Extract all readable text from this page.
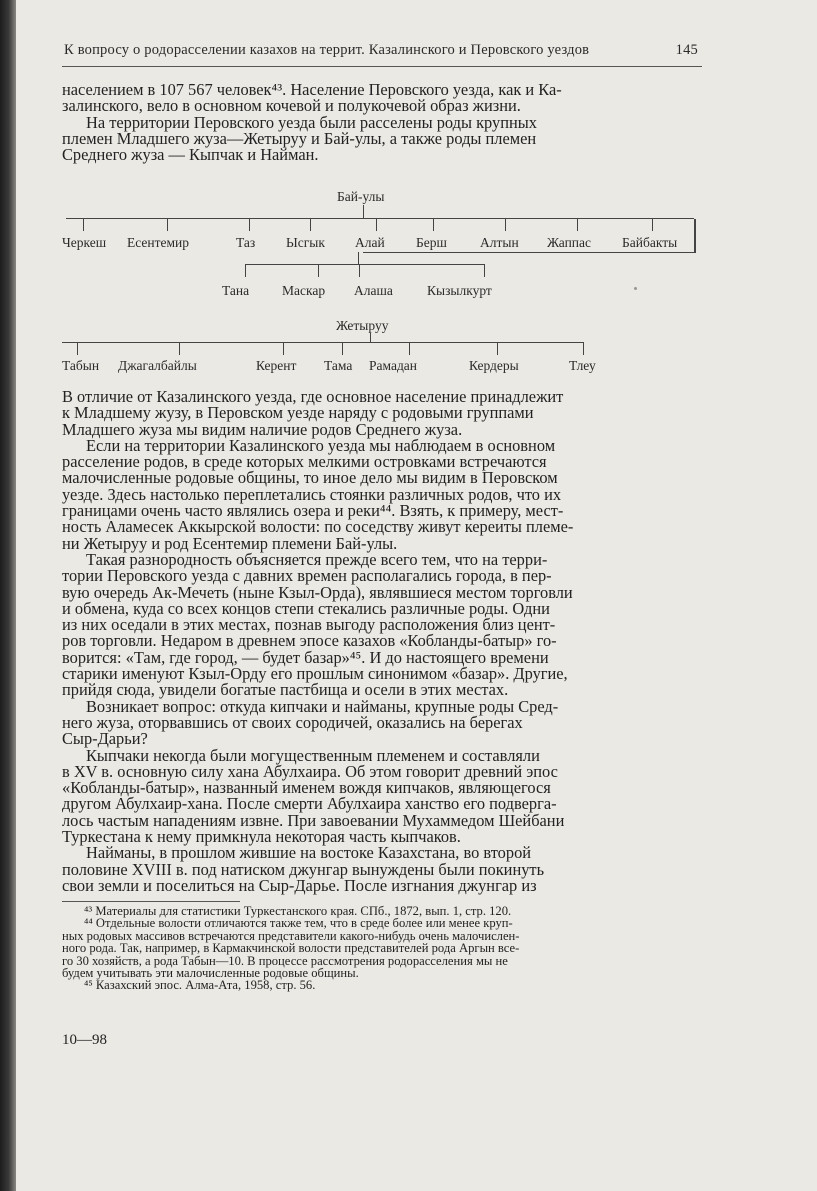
К вопросу о родорасселении казахов на террит. Казалинского и Перовского уездов	145

населением в 107 567 человек⁴³. Население Перовского уезда, как и Ка-

залинского, вело в основном кочевой и полукочевой образ жизни.

На территории Перовского уезда были расселены роды крупных

племен Младшего жуза—Жетыруу и Бай-улы, а также роды племен

Среднего жуза — Кыпчак и Найман.

Бай-улы
Черкеш Есентемир	Таз Ысгык Алай Берш Алтын Жаппас Байбакты
Тана Маскар Алаша	Кызылкурт
Жетыруу
Табын Джагалбайлы	Керент Тама Рамадан	Кердеры	Тлеу

В отличие от Казалинского уезда, где основное население принадлежит

к Младшему жузу, в Перовском уезде наряду с родовыми группами

Младшего жуза мы видим наличие родов Среднего жуза.

Если на территории Казалинского уезда мы наблюдаем в основном

расселение родов, в среде которых мелкими островками встречаются

малочисленные родовые общины, то иное дело мы видим в Перовском

уезде. Здесь настолько переплетались стоянки различных родов, что их

границами очень часто являлись озера и реки⁴⁴. Взять, к примеру, мест-

ность Аламесек Аккырской волости: по соседству живут кереиты племе-

ни Жетыруу и род Есентемир племени Бай-улы.

Такая разнородность объясняется прежде всего тем, что на терри-

тории Перовского уезда с давних времен располагались города, в пер-

вую очередь Ак-Мечеть (ныне Кзыл-Орда), являвшиеся местом торговли

и обмена, куда со всех концов степи стекались различные роды. Одни

из них оседали в этих местах, познав выгоду расположения близ цент-

ров торговли. Недаром в древнем эпосе казахов «Кобланды-батыр» го-

ворится: «Там, где город, — будет базар»⁴⁵. И до настоящего времени

старики именуют Кзыл-Орду его прошлым синонимом «базар». Другие,

прийдя сюда, увидели богатые пастбища и осели в этих местах.

Возникает вопрос: откуда кипчаки и найманы, крупные роды Сред-

него жуза, оторвавшись от своих сородичей, оказались на берегах

Сыр-Дарьи?

Кыпчаки некогда были могущественным племенем и составляли

в XV в. основную силу хана Абулхаира. Об этом говорит древний эпос

«Кобланды-батыр», названный именем вождя кипчаков, являющегося

другом Абулхаир-хана. После смерти Абулхаира ханство его подверга-

лось частым нападениям извне. При завоевании Мухаммедом Шейбани

Туркестана к нему примкнула некоторая часть кыпчаков.

Найманы, в прошлом жившие на востоке Казахстана, во второй

половине XVIII в. под натиском джунгар вынуждены были покинуть

свои земли и поселиться на Сыр-Дарье. После изгнания джунгар из

⁴³ Материалы для статистики Туркестанского края. СПб., 1872, вып. 1, стр. 120.

⁴⁴ Отдельные волости отличаются также тем, что в среде более или менее круп-

ных родовых массивов встречаются представители какого-нибудь очень малочислен-

ного рода. Так, например, в Кармакчинской волости представителей рода Аргын все-

го 30 хозяйств, а рода Табын—10. В процессе рассмотрения родорасселения мы не

будем учитывать эти малочисленные родовые общины.

⁴⁵ Казахский эпос. Алма-Ата, 1958, стр. 56.

10—98
